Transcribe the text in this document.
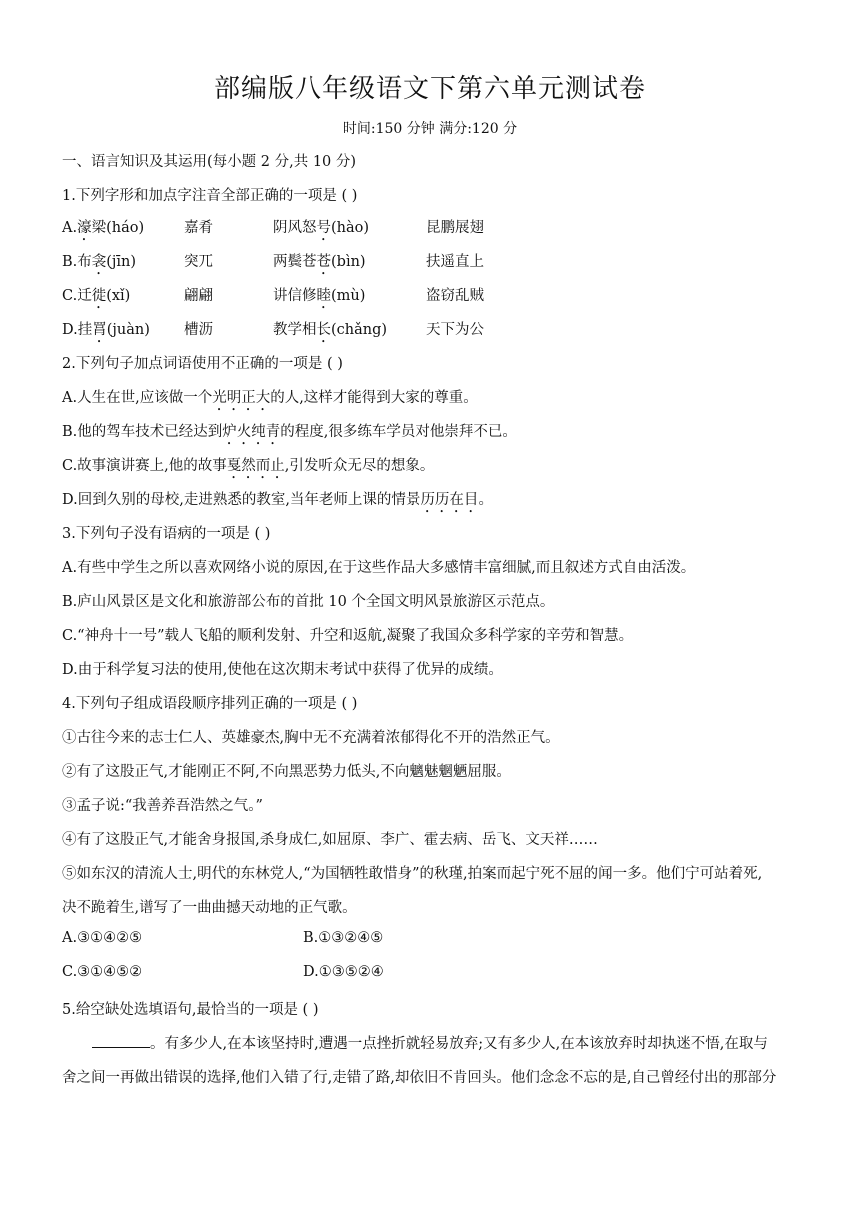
部编版八年级语文下第六单元测试卷
时间:150 分钟 满分:120 分
一、语言知识及其运用(每小题 2 分,共 10 分)
1.下列字形和加点字注音全部正确的一项是 ( )
A.濠梁(háo)	嘉肴	阴风怒号(hào)	昆鹏展翅
B.布衾(jīn)	突兀	两鬓苍苍(bìn)	扶遥直上
C.迁徙(xǐ)	翩翩	讲信修睦(mù)	盗窃乱贼
D.挂罥(juàn) 槽沥	教学相长(chǎng)	天下为公
2.下列句子加点词语使用不正确的一项是 ( )
A.人生在世,应该做一个光明正大的人,这样才能得到大家的尊重。
B.他的驾车技术已经达到炉火纯青的程度,很多练车学员对他崇拜不已。
C.故事演讲赛上,他的故事戛然而止,引发听众无尽的想象。
D.回到久别的母校,走进熟悉的教室,当年老师上课的情景历历在目。
3.下列句子没有语病的一项是 ( )
A.有些中学生之所以喜欢网络小说的原因,在于这些作品大多感情丰富细腻,而且叙述方式自由活泼。
B.庐山风景区是文化和旅游部公布的首批 10 个全国文明风景旅游区示范点。
C.“神舟十一号”载人飞船的顺利发射、升空和返航,凝聚了我国众多科学家的辛劳和智慧。
D.由于科学复习法的使用,使他在这次期末考试中获得了优异的成绩。
4.下列句子组成语段顺序排列正确的一项是 ( )
①古往今来的志士仁人、英雄豪杰,胸中无不充满着浓郁得化不开的浩然正气。
②有了这股正气,才能刚正不阿,不向黑恶势力低头,不向魑魅魍魉屈服。
③孟子说:“我善养吾浩然之气。”
④有了这股正气,才能舍身报国,杀身成仁,如屈原、李广、霍去病、岳飞、文天祥……
⑤如东汉的清流人士,明代的东林党人,“为国牺牲敢惜身”的秋瑾,拍案而起宁死不屈的闻一多。他们宁可站着死,
决不跪着生,谱写了一曲曲撼天动地的正气歌。
A.③①④②⑤	B.①③②④⑤
C.③①④⑤②	D.①③⑤②④
5.给空缺处选填语句,最恰当的一项是 ( )
。有多少人,在本该坚持时,遭遇一点挫折就轻易放弃;又有多少人,在本该放弃时却执迷不悟,在取与
舍之间一再做出错误的选择,他们入错了行,走错了路,却依旧不肯回头。他们念念不忘的是,自己曾经付出的那部分
